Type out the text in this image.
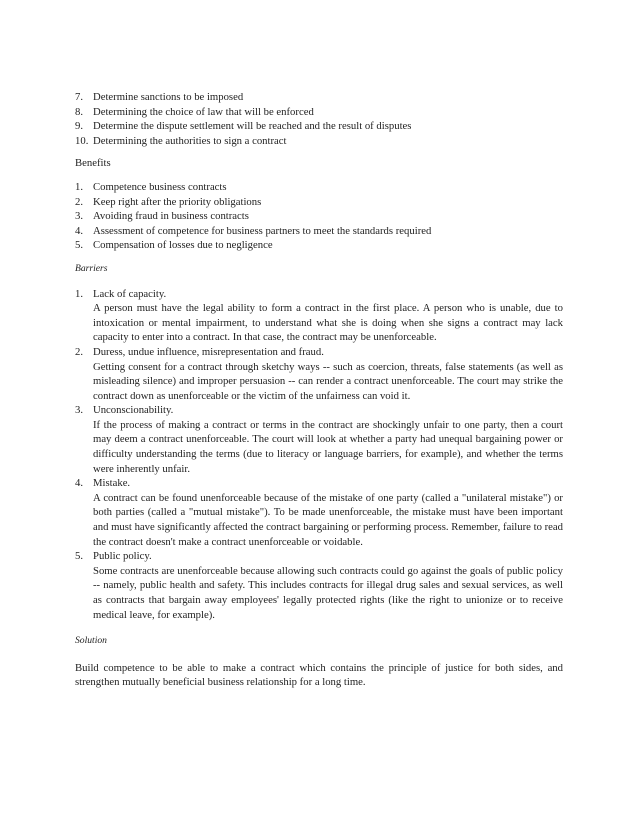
7. Determine sanctions to be imposed
8. Determining the choice of law that will be enforced
9. Determine the dispute settlement will be reached and the result of disputes
10. Determining the authorities to sign a contract
Benefits
1. Competence business contracts
2. Keep right after the priority obligations
3. Avoiding fraud in business contracts
4. Assessment of competence for business partners to meet the standards required
5. Compensation of losses due to negligence
Barriers
1. Lack of capacity.
A person must have the legal ability to form a contract in the first place. A person who is unable, due to intoxication or mental impairment, to understand what she is doing when she signs a contract may lack capacity to enter into a contract. In that case, the contract may be unenforceable.
2. Duress, undue influence, misrepresentation and fraud.
Getting consent for a contract through sketchy ways -- such as coercion, threats, false statements (as well as misleading silence) and improper persuasion -- can render a contract unenforceable. The court may strike the contract down as unenforceable or the victim of the unfairness can void it.
3. Unconscionability.
If the process of making a contract or terms in the contract are shockingly unfair to one party, then a court may deem a contract unenforceable. The court will look at whether a party had unequal bargaining power or difficulty understanding the terms (due to literacy or language barriers, for example), and whether the terms were inherently unfair.
4. Mistake.
A contract can be found unenforceable because of the mistake of one party (called a "unilateral mistake") or both parties (called a "mutual mistake"). To be made unenforceable, the mistake must have been important and must have significantly affected the contract bargaining or performing process. Remember, failure to read the contract doesn't make a contract unenforceable or voidable.
5. Public policy.
Some contracts are unenforceable because allowing such contracts could go against the goals of public policy -- namely, public health and safety. This includes contracts for illegal drug sales and sexual services, as well as contracts that bargain away employees' legally protected rights (like the right to unionize or to receive medical leave, for example).
Solution
Build competence to be able to make a contract which contains the principle of justice for both sides, and strengthen mutually beneficial business relationship for a long time.
